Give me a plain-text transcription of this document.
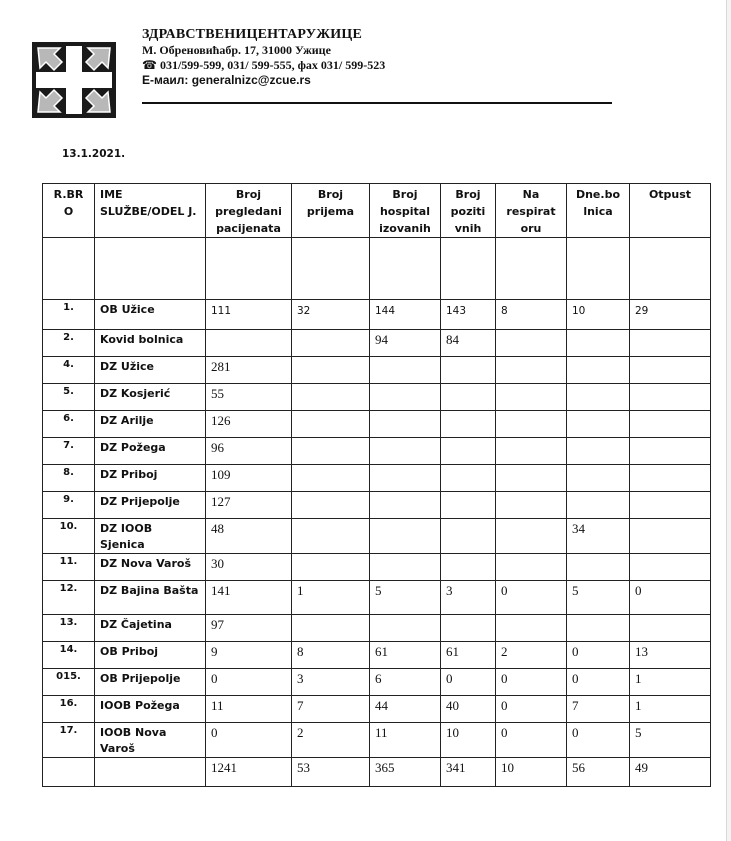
ЗДРАВСТВЕНИЦЕНТАРУЖИЦЕ
М. Обреновићабр. 17, 31000 Ужице
☎ 031/599-599, 031/ 599-555, фах 031/ 599-523
Е-маил: generalnizc@zcue.rs
13.1.2021.
R.BR O	IME SLUŽBE/ODEL J.	Broj pregledani pacijenata	Broj prijema	Broj hospital izovanih	Broj poziti vnih	Na respirat oru	Dne.bo lnica	Otpust

1.	OB Užice	111	32	144	143	8	10	29
2.	Kovid bolnica			94	84			
4.	DZ Užice	281						
5.	DZ Kosjerić	55						
6.	DZ Arilje	126						
7.	DZ Požega	96						
8.	DZ Priboj	109						
9.	DZ Prijepolje	127						
10.	DZ IOOB Sjenica	48					34	
11.	DZ Nova Varoš	30						
12.	DZ Bajina Bašta	141	1	5	3	0	5	0
13.	DZ Čajetina	97						
14.	OB Priboj	9	8	61	61	2	0	13
015.	OB Prijepolje	0	3	6	0	0	0	1
16.	IOOB Požega	11	7	44	40	0	7	1
17.	IOOB Nova Varoš	0	2	11	10	0	0	5
		1241	53	365	341	10	56	49
